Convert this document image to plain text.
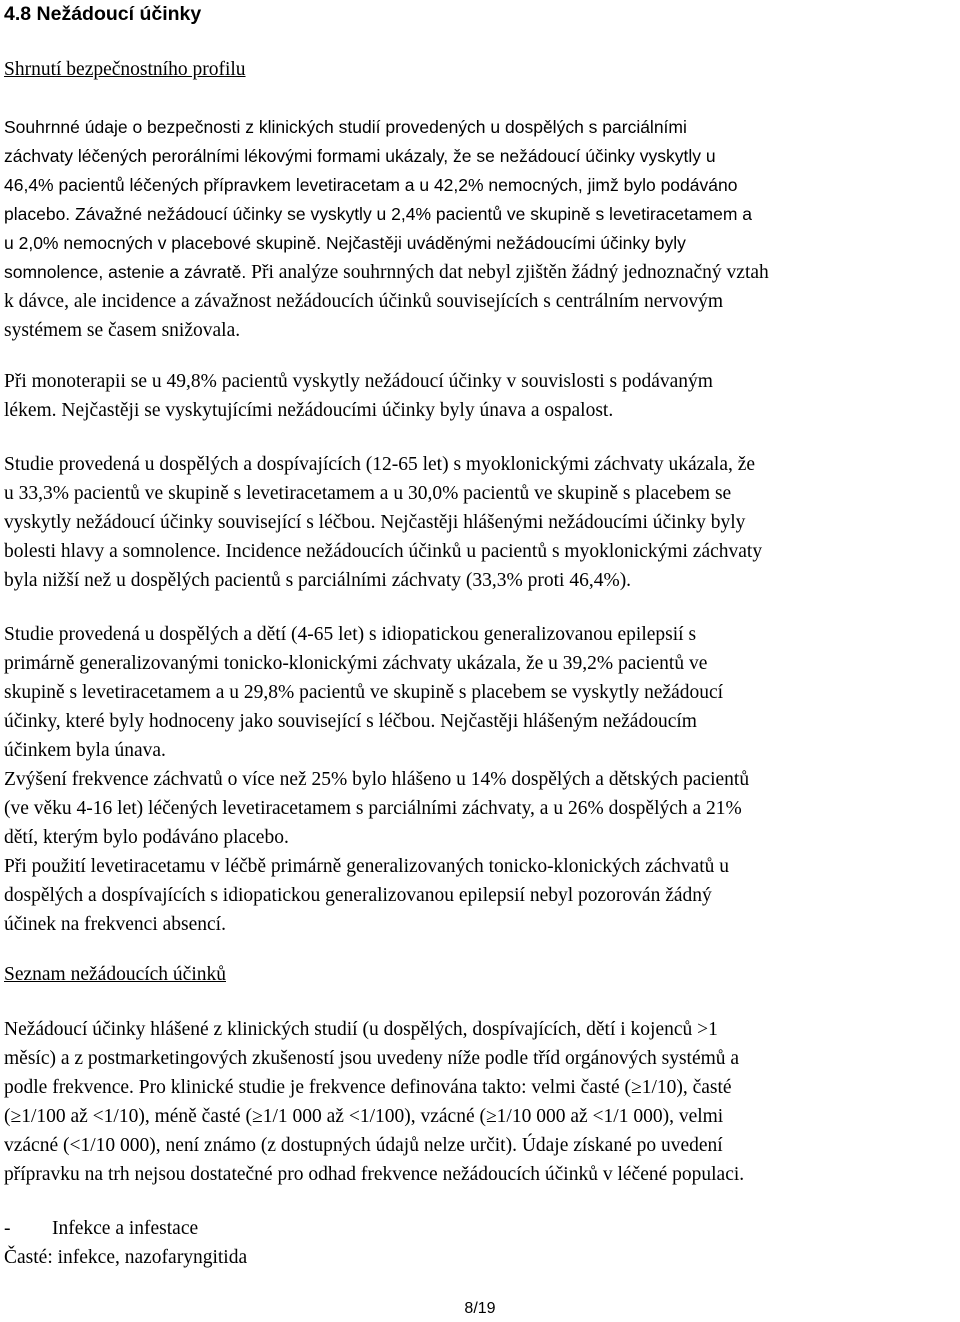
4.8 Nežádoucí účinky
Shrnutí bezpečnostního profilu
Souhrnné údaje o bezpečnosti z klinických studií provedených u dospělých s parciálními
záchvaty léčených perorálními lékovými formami ukázaly, že se nežádoucí účinky vyskytly u
46,4% pacientů léčených přípravkem levetiracetam a u 42,2% nemocných, jimž bylo podáváno
placebo. Závažné nežádoucí účinky se vyskytly u 2,4% pacientů ve skupině s levetiracetamem a
u 2,0% nemocných v placebové skupině. Nejčastěji uváděnými nežádoucími účinky byly
somnolence, astenie a závratě. Při analýze souhrnných dat nebyl zjištěn žádný jednoznačný vztah
k dávce, ale incidence a závažnost nežádoucích účinků souvisejících s centrálním nervovým
systémem se časem snižovala.
Při monoterapii se u 49,8% pacientů vyskytly nežádoucí účinky v souvislosti s podávaným
lékem. Nejčastěji se vyskytujícími nežádoucími účinky byly únava a ospalost.
Studie provedená u dospělých a dospívajících (12-65 let) s myoklonickými záchvaty ukázala, že
u 33,3% pacientů ve skupině s levetiracetamem a u 30,0% pacientů ve skupině s placebem se
vyskytly nežádoucí účinky související s léčbou. Nejčastěji hlášenými nežádoucími účinky byly
bolesti hlavy a somnolence. Incidence nežádoucích účinků u pacientů s myoklonickými záchvaty
byla nižší než u dospělých pacientů s parciálními záchvaty (33,3% proti 46,4%).
Studie provedená u dospělých a dětí (4-65 let) s idiopatickou generalizovanou epilepsií s
primárně generalizovanými tonicko-klonickými záchvaty ukázala, že u 39,2% pacientů ve
skupině s levetiracetamem a u 29,8% pacientů ve skupině s placebem se vyskytly nežádoucí
účinky, které byly hodnoceny jako související s léčbou. Nejčastěji hlášeným nežádoucím
účinkem byla únava.
Zvýšení frekvence záchvatů o více než 25% bylo hlášeno u 14% dospělých a dětských pacientů
(ve věku 4-16 let) léčených levetiracetamem s parciálními záchvaty, a u 26% dospělých a 21%
dětí, kterým bylo podáváno placebo.
Při použití levetiracetamu v léčbě primárně generalizovaných tonicko-klonických záchvatů u
dospělých a dospívajících s idiopatickou generalizovanou epilepsií nebyl pozorován žádný
účinek na frekvenci absencí.
Seznam nežádoucích účinků
Nežádoucí účinky hlášené z klinických studií (u dospělých, dospívajících, dětí i kojenců >1
měsíc) a z postmarketingových zkušeností jsou uvedeny níže podle tříd orgánových systémů a
podle frekvence. Pro klinické studie je frekvence definována takto: velmi časté (≥1/10), časté
(≥1/100 až <1/10), méně časté (≥1/1 000 až <1/100), vzácné (≥1/10 000 až <1/1 000), velmi
vzácné (<1/10 000), není známo (z dostupných údajů nelze určit). Údaje získané po uvedení
přípravku na trh nejsou dostatečné pro odhad frekvence nežádoucích účinků v léčené populaci.
- Infekce a infestace
Časté: infekce, nazofaryngitida
8/19
